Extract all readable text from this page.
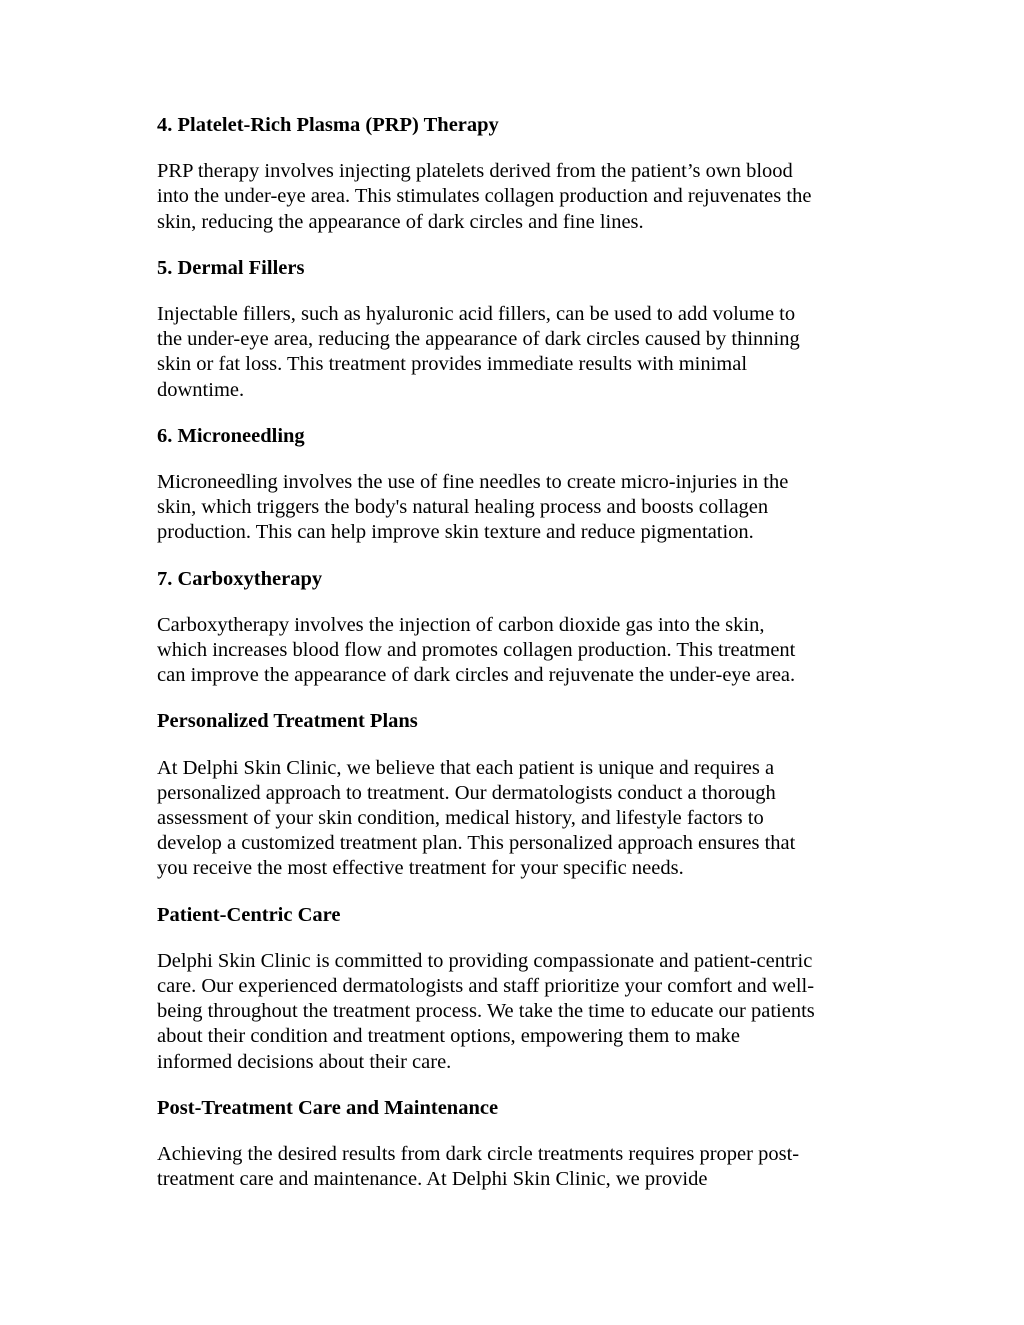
4. Platelet-Rich Plasma (PRP) Therapy
PRP therapy involves injecting platelets derived from the patient’s own blood
into the under-eye area. This stimulates collagen production and rejuvenates the
skin, reducing the appearance of dark circles and fine lines.
5. Dermal Fillers
Injectable fillers, such as hyaluronic acid fillers, can be used to add volume to
the under-eye area, reducing the appearance of dark circles caused by thinning
skin or fat loss. This treatment provides immediate results with minimal
downtime.
6. Microneedling
Microneedling involves the use of fine needles to create micro-injuries in the
skin, which triggers the body's natural healing process and boosts collagen
production. This can help improve skin texture and reduce pigmentation.
7. Carboxytherapy
Carboxytherapy involves the injection of carbon dioxide gas into the skin,
which increases blood flow and promotes collagen production. This treatment
can improve the appearance of dark circles and rejuvenate the under-eye area.
Personalized Treatment Plans
At Delphi Skin Clinic, we believe that each patient is unique and requires a
personalized approach to treatment. Our dermatologists conduct a thorough
assessment of your skin condition, medical history, and lifestyle factors to
develop a customized treatment plan. This personalized approach ensures that
you receive the most effective treatment for your specific needs.
Patient-Centric Care
Delphi Skin Clinic is committed to providing compassionate and patient-centric
care. Our experienced dermatologists and staff prioritize your comfort and well-
being throughout the treatment process. We take the time to educate our patients
about their condition and treatment options, empowering them to make
informed decisions about their care.
Post-Treatment Care and Maintenance
Achieving the desired results from dark circle treatments requires proper post-
treatment care and maintenance. At Delphi Skin Clinic, we provide
